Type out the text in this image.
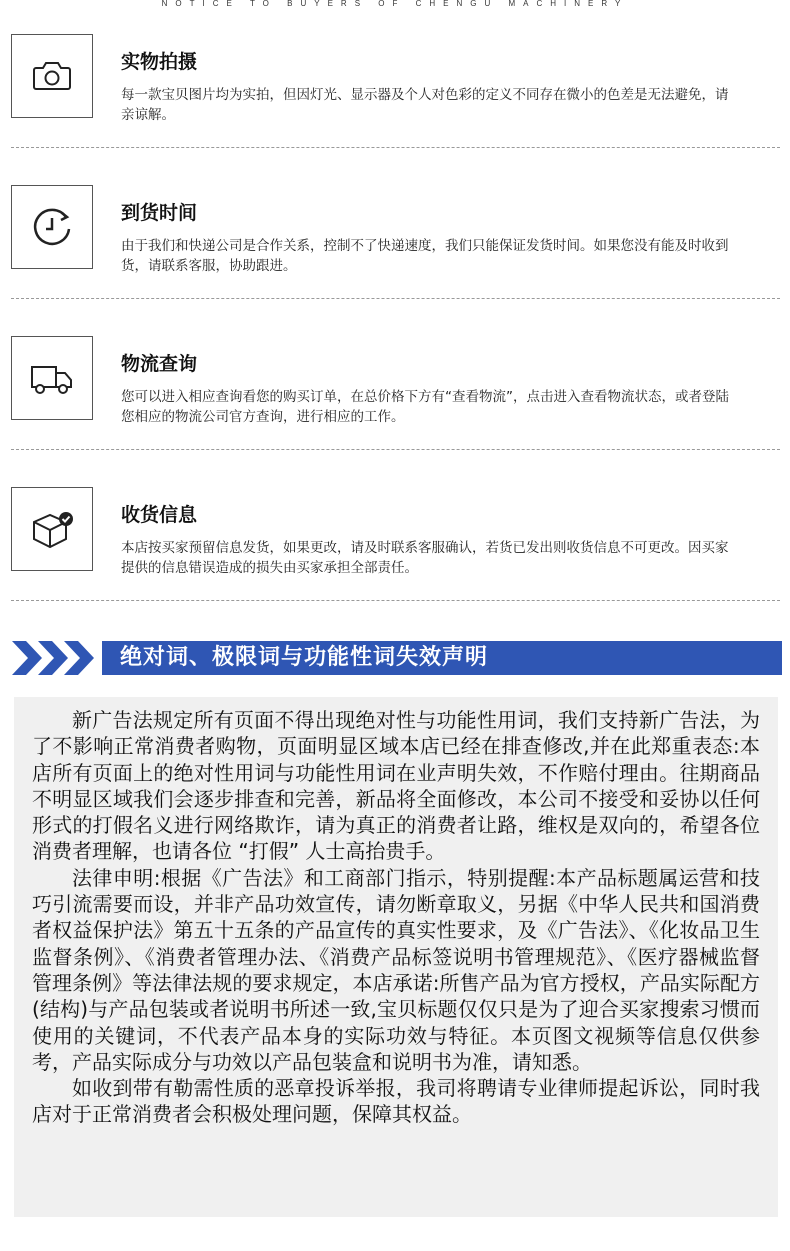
NOTICE TO BUYERS OF CHENGU MACHINERY
实物拍摄
每一款宝贝图片均为实拍，但因灯光、显示器及个人对色彩的定义不同存在微小的色差是无法避免，请亲谅解。
到货时间
由于我们和快递公司是合作关系，控制不了快递速度，我们只能保证发货时间。如果您没有能及时收到货，请联系客服，协助跟进。
物流查询
您可以进入相应查询看您的购买订单，在总价格下方有“查看物流”，点击进入查看物流状态，或者登陆您相应的物流公司官方查询，进行相应的工作。
收货信息
本店按买家预留信息发货，如果更改，请及时联系客服确认，若货已发出则收货信息不可更改。因买家提供的信息错误造成的损失由买家承担全部责任。
绝对词、极限词与功能性词失效声明

新广告法规定所有页面不得出现绝对性与功能性用词，我们支持新广告法，为了不影响正常消费者购物，页面明显区域本店已经在排查修改,并在此郑重表态:本店所有页面上的绝对性用词与功能性用词在业声明失效，不作赔付理由。往期商品不明显区域我们会逐步排查和完善，新品将全面修改，本公司不接受和妥协以任何形式的打假名义进行网络欺诈，请为真正的消费者让路，维权是双向的，希望各位消费者理解，也请各位 “打假” 人士高抬贵手。

法律申明:根据《广告法》和工商部门指示，特别提醒:本产品标题属运营和技巧引流需要而设，并非产品功效宣传，请勿断章取义，另据《中华人民共和国消费者权益保护法》第五十五条的产品宣传的真实性要求，及《广告法》、《化妆品卫生监督条例》、《消费者管理办法、《消费产品标签说明书管理规范》、《医疗器械监督管理条例》等法律法规的要求规定，本店承诺:所售产品为官方授权，产品实际配方(结构)与产品包装或者说明书所述一致,宝贝标题仅仅只是为了迎合买家搜索习惯而使用的关键词，不代表产品本身的实际功效与特征。本页图文视频等信息仅供参考，产品实际成分与功效以产品包装盒和说明书为准，请知悉。

如收到带有勒需性质的恶章投诉举报，我司将聘请专业律师提起诉讼，同时我店对于正常消费者会积极处理问题，保障其权益。
